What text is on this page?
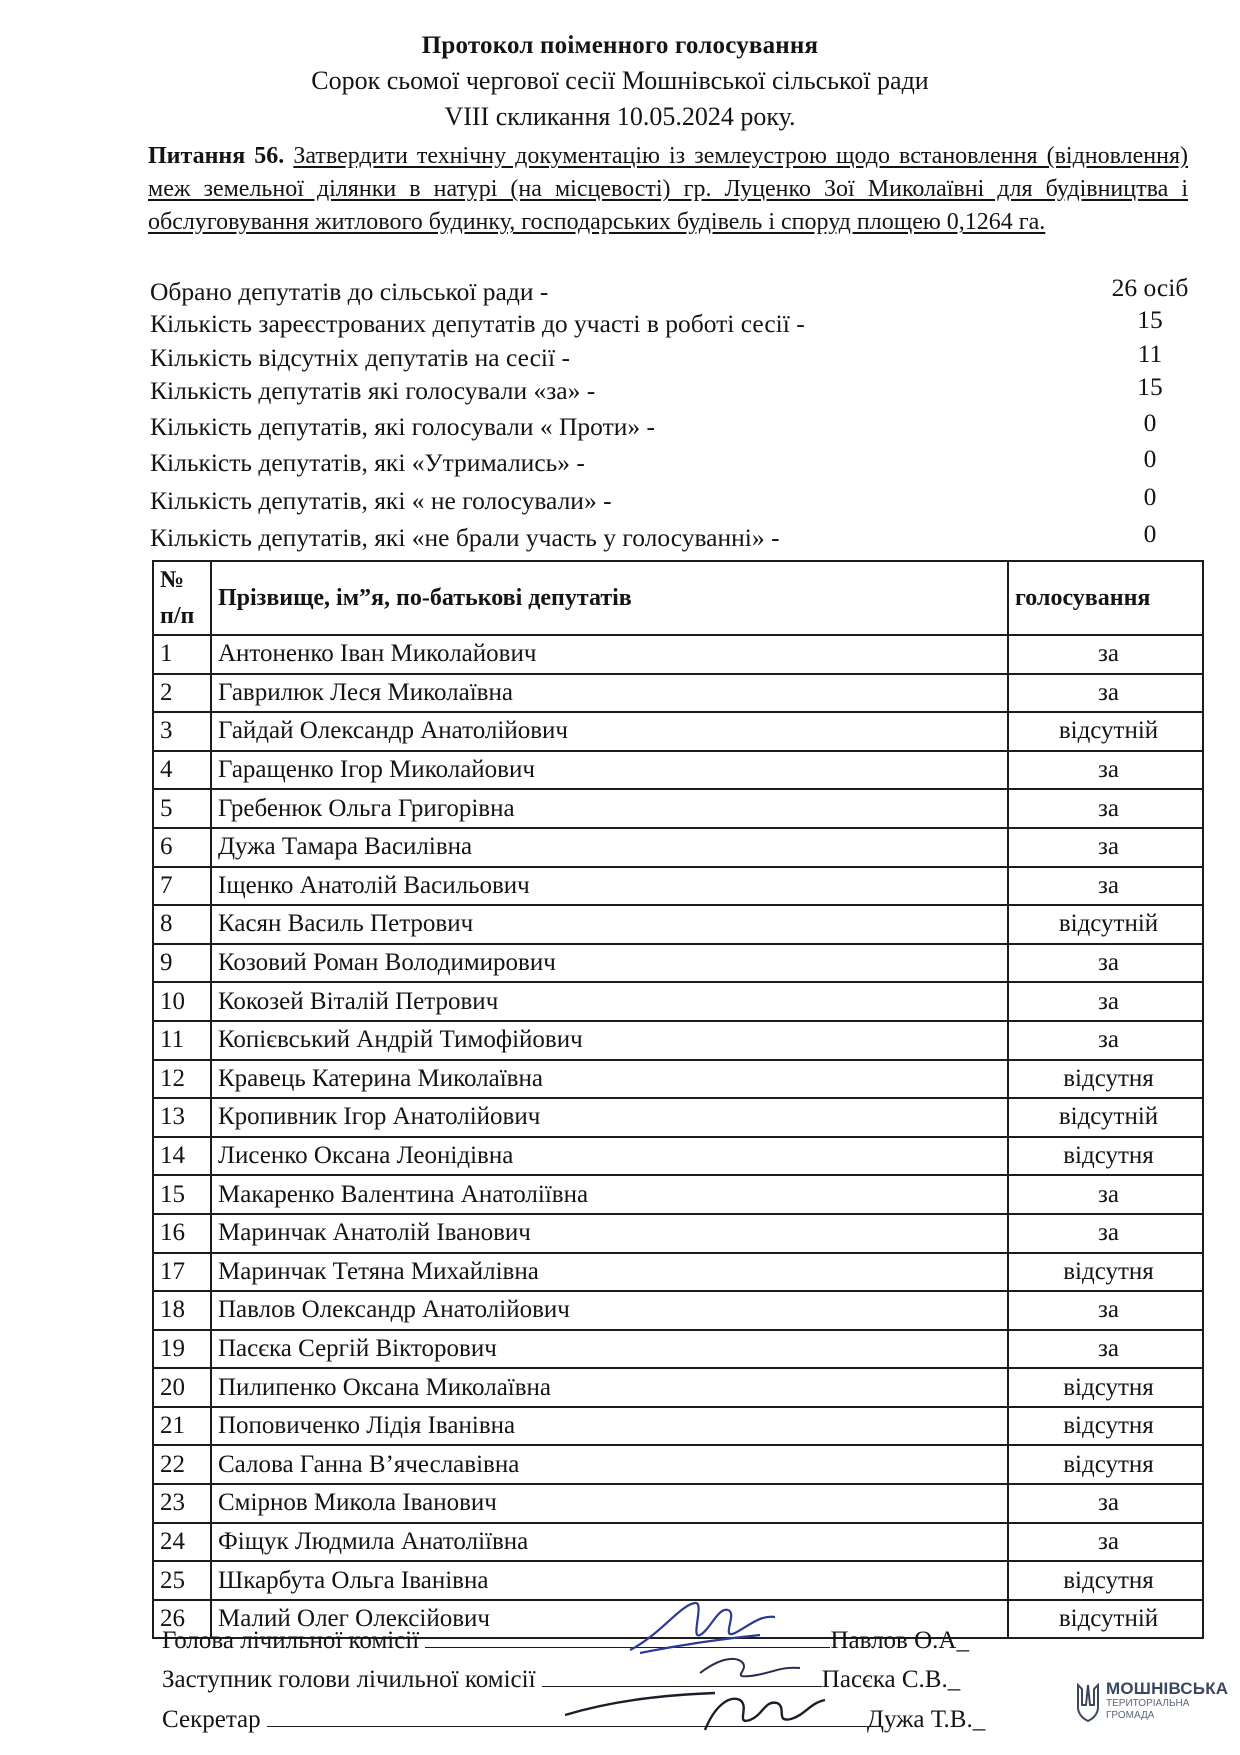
Протокол поіменного голосування
Сорок сьомої чергової сесії Мошнівської сільської ради
VIII скликання 10.05.2024 року.
Питання 56. Затвердити технічну документацію із землеустрою щодо встановлення (відновлення) меж земельної ділянки в натурі (на місцевості) гр. Луценко Зої Миколаївні для будівництва і обслуговування житлового будинку, господарських будівель і споруд площею 0,1264 га.
Обрано депутатів до сільської ради -	26 осіб
Кількість зареєстрованих депутатів до участі в роботі сесії -	15
Кількість відсутніх депутатів на сесії -	11
Кількість депутатів які голосували «за» -	15
Кількість депутатів, які голосували « Проти» -	0
Кількість депутатів, які «Утримались» -	0
Кількість депутатів, які « не голосували» -	0
Кількість депутатів, які «не брали участь у голосуванні» -	0
№
п/п	Прізвище, ім”я, по-батькові депутатів	голосування
1	Антоненко Іван Миколайович	за
2	Гаврилюк Леся Миколаївна	за
3	Гайдай Олександр Анатолійович	відсутній
4	Гаращенко Ігор Миколайович	за
5	Гребенюк Ольга Григорівна	за
6	Дужа Тамара Василівна	за
7	Іщенко Анатолій Васильович	за
8	Касян Василь Петрович	відсутній
9	Козовий Роман Володимирович	за
10	Кокозей Віталій Петрович	за
11	Копієвський Андрій Тимофійович	за
12	Кравець Катерина Миколаївна	відсутня
13	Кропивник Ігор Анатолійович	відсутній
14	Лисенко Оксана Леонідівна	відсутня
15	Макаренко Валентина Анатоліївна	за
16	Маринчак Анатолій Іванович	за
17	Маринчак Тетяна Михайлівна	відсутня
18	Павлов Олександр Анатолійович	за
19	Пасєка Сергій Вікторович	за
20	Пилипенко Оксана Миколаївна	відсутня
21	Поповиченко Лідія Іванівна	відсутня
22	Салова Ганна В’ячеславівна	відсутня
23	Смірнов Микола Іванович	за
24	Фіщук Людмила Анатоліївна	за
25	Шкарбута Ольга Іванівна	відсутня
26	Малий Олег Олексійович	відсутній
Голова лічильної комісії	Павлов О.А_
Заступник голови лічильної комісії	Пасєка С.В._
Секретар	Дужа Т.В._
МОШНІВСЬКА
ТЕРИТОРІАЛЬНА
ГРОМАДА
